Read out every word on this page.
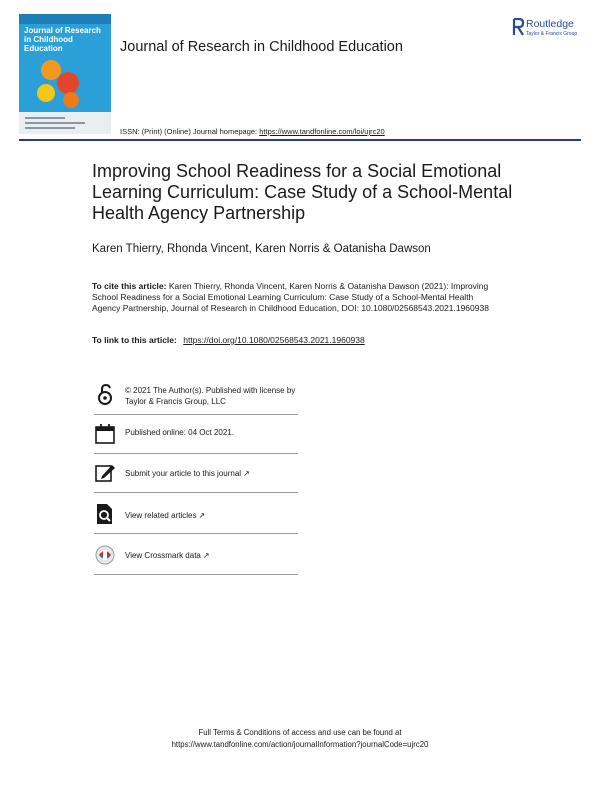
Journal of Research in Childhood Education	Journal of Research in Childhood Education
ISSN: (Print) (Online) Journal homepage: https://www.tandfonline.com/loi/ujrc20
Routledge
Taylor & Francis Group
Improving School Readiness for a Social Emotional Learning Curriculum: Case Study of a School-Mental Health Agency Partnership
Karen Thierry, Rhonda Vincent, Karen Norris & Oatanisha Dawson
To cite this article: Karen Thierry, Rhonda Vincent, Karen Norris & Oatanisha Dawson (2021): Improving School Readiness for a Social Emotional Learning Curriculum: Case Study of a School-Mental Health Agency Partnership, Journal of Research in Childhood Education, DOI: 10.1080/02568543.2021.1960938
To link to this article: https://doi.org/10.1080/02568543.2021.1960938
© 2021 The Author(s). Published with license by Taylor & Francis Group, LLC
Published online: 04 Oct 2021.
Submit your article to this journal ↗
View related articles ↗
View Crossmark data ↗
Full Terms & Conditions of access and use can be found at
https://www.tandfonline.com/action/journalInformation?journalCode=ujrc20
